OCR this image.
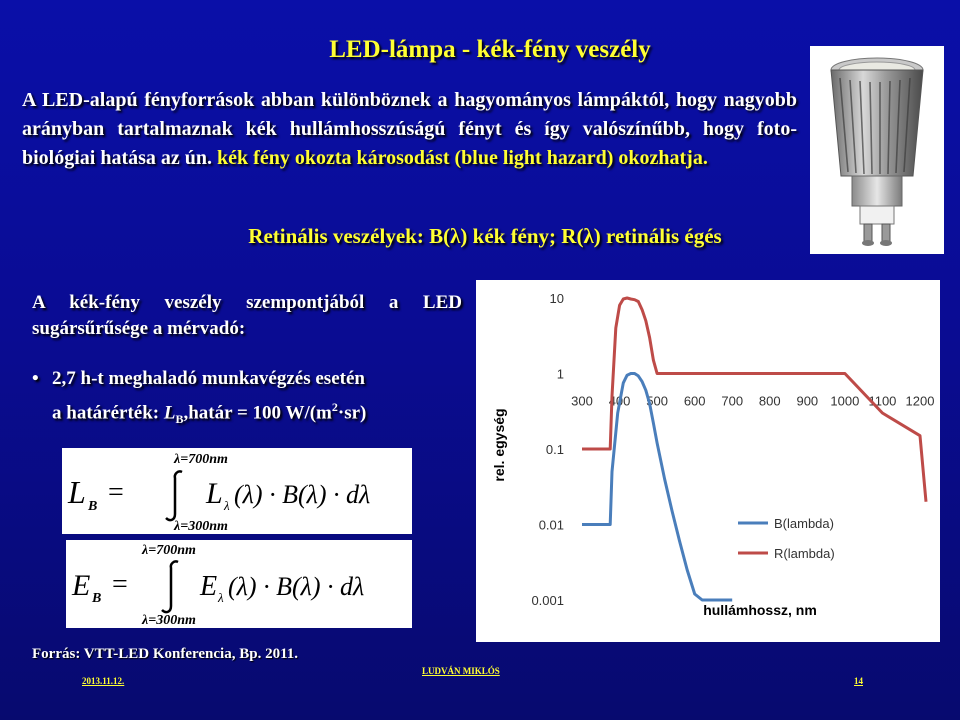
LED-lámpa - kék-fény veszély
A LED-alapú fényforrások abban különböznek a hagyományos lámpáktól, hogy nagyobb arányban tartalmaznak kék hullámhosszúságú fényt és így valószínűbb, hogy foto-biológiai hatása az ún. kék fény okozta károsodást (blue light hazard) okozhatja.
Retinális veszélyek: B(λ) kék fény; R(λ) retinális égés
A kék-fény veszély szempontjából a LED sugársűrűsége a mérvadó:
• 2,7 h-t meghaladó munkavégzés esetén
a határérték: $L_B,határ = 100$ $W/(m^2\cdot sr)$
λ=700nm
L B =	L λ (λ) · B(λ) · dλ
λ=300nm
λ=700nm
E B =	E λ (λ) · B(λ) · dλ
λ=300nm
10
1
0.1
0.01
0.001
300 400 500 600 700 800 900 1000 1100 1200
B(lambda)
R(lambda)
hullámhossz, nm
rel. egység
Forrás: VTT-LED Konferencia, Bp. 2011.
2013.11.12.
LUDVÁN MIKLÓS
14
